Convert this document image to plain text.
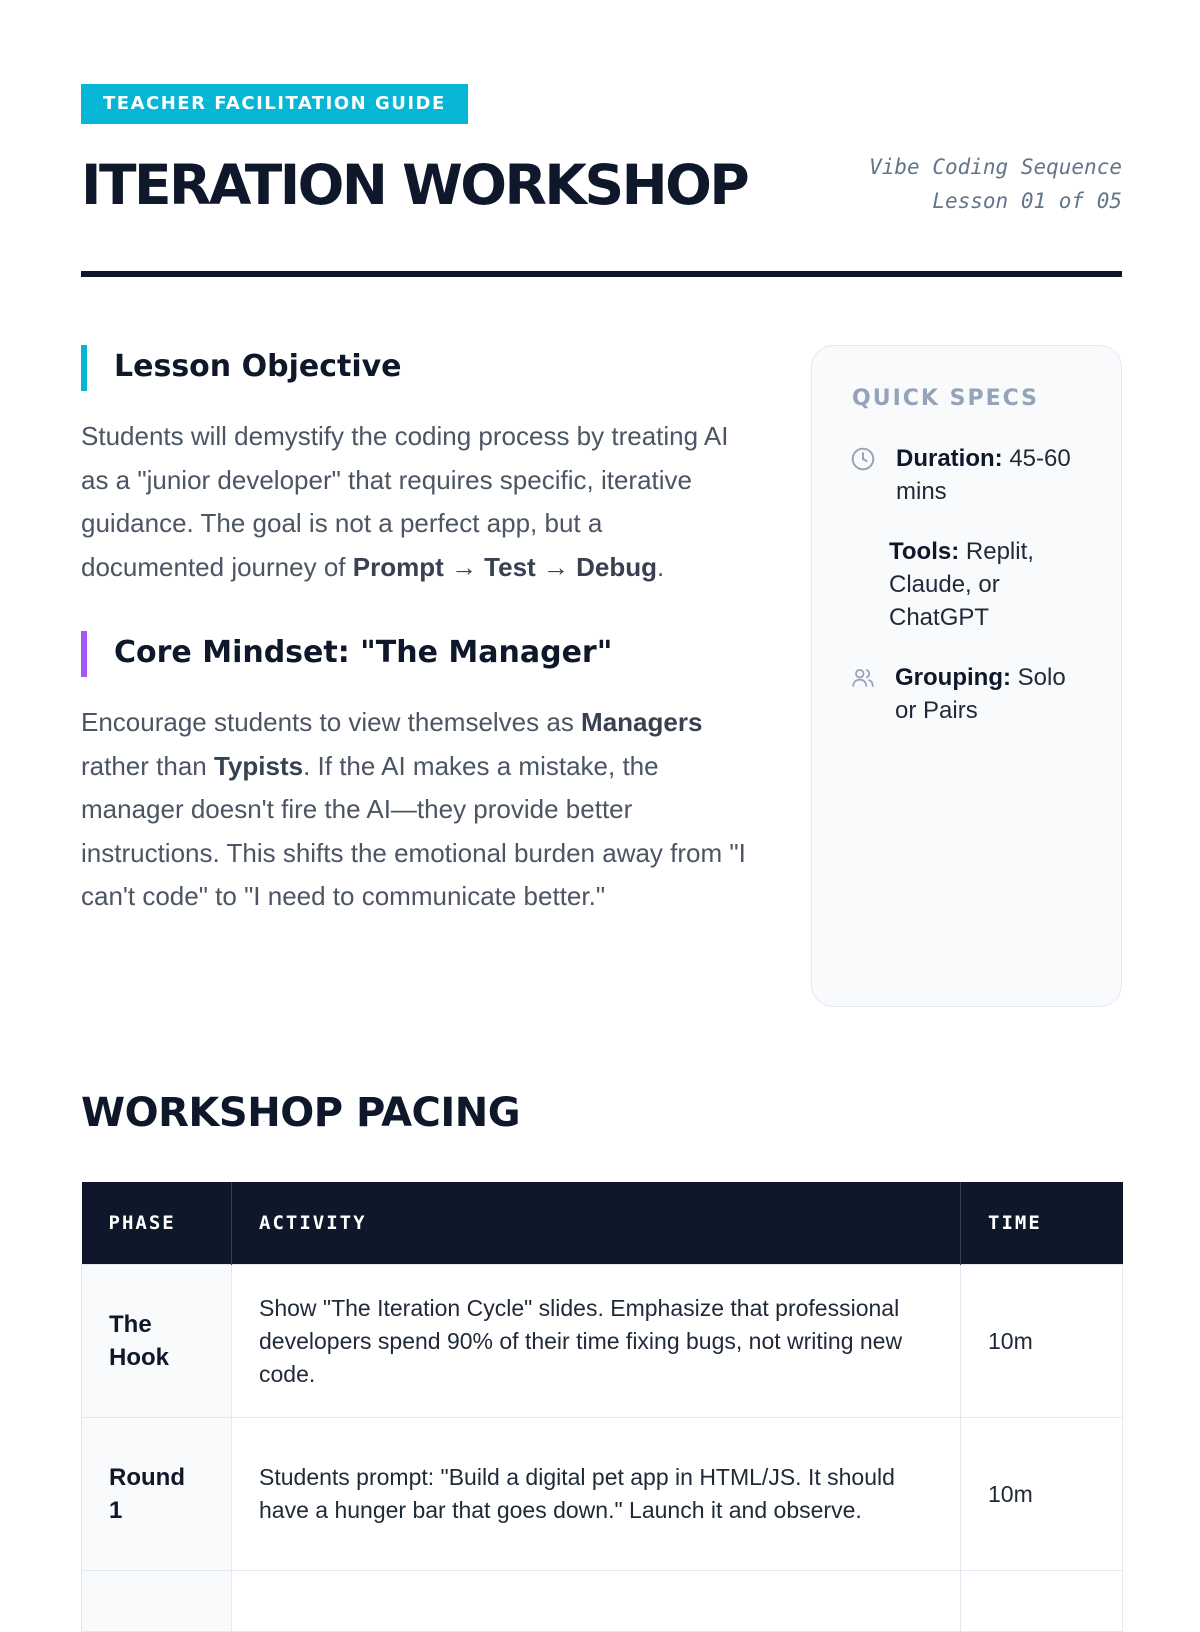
TEACHER FACILITATION GUIDE
ITERATION WORKSHOP	Vibe Coding Sequence
Lesson 01 of 05
Lesson Objective

Students will demystify the coding process by treating AI as a "junior developer" that requires specific, iterative guidance. The goal is not a perfect app, but a documented journey of Prompt → Test → Debug.

Core Mindset: "The Manager"

Encourage students to view themselves as Managers rather than Typists. If the AI makes a mistake, the manager doesn't fire the AI—they provide better instructions. This shifts the emotional burden away from "I can't code" to "I need to communicate better."

QUICK SPECS
Duration: 45-60 mins
Tools: Replit, Claude, or ChatGPT
Grouping: Solo or Pairs
WORKSHOP PACING
PHASE	ACTIVITY	TIME
The Hook	Show "The Iteration Cycle" slides. Emphasize that professional developers spend 90% of their time fixing bugs, not writing new code.	10m
Round 1	Students prompt: "Build a digital pet app in HTML/JS. It should have a hunger bar that goes down." Launch it and observe.	10m
